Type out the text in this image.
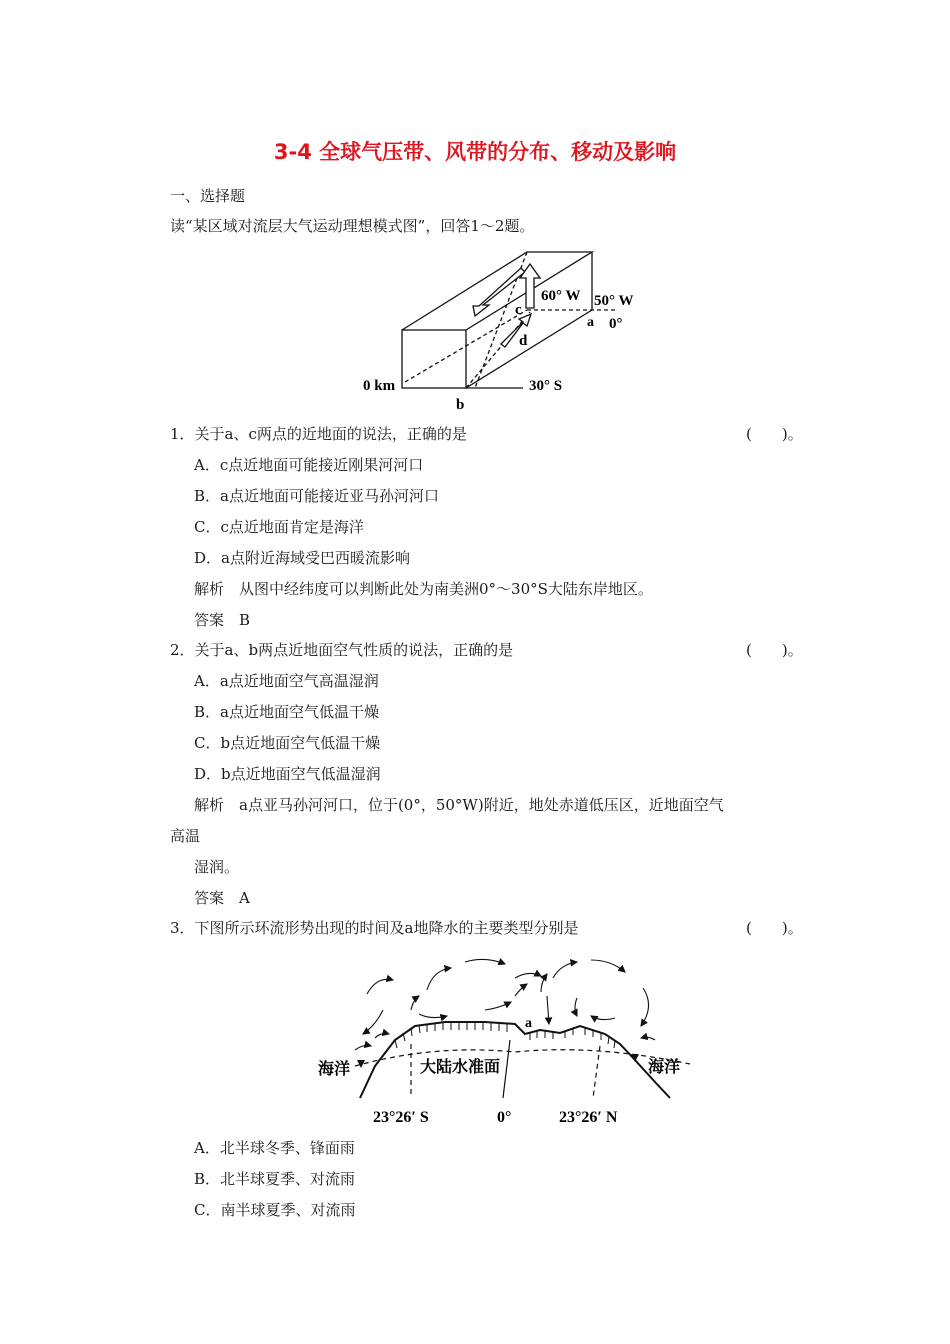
3-4 全球气压带、风带的分布、移动及影响
一、选择题
读“某区域对流层大气运动理想模式图”，回答1～2题。
60° W 50° W
0°
a
c
d
30° S
0 km
b
1．关于a、c两点的近地面的说法，正确的是	(　　)。
A．c点近地面可能接近刚果河河口
B．a点近地面可能接近亚马孙河河口
C．c点近地面肯定是海洋
D．a点附近海域受巴西暖流影响
解析　从图中经纬度可以判断此处为南美洲0°～30°S大陆东岸地区。
答案　B
2．关于a、b两点近地面空气性质的说法，正确的是	(　　)。
A．a点近地面空气高温湿润
B．a点近地面空气低温干燥
C．b点近地面空气低温干燥
D．b点近地面空气低温湿润
解析　a点亚马孙河河口，位于(0°，50°W)附近，地处赤道低压区，近地面空气
高温
湿润。
答案　A
3．下图所示环流形势出现的时间及a地降水的主要类型分别是	(　　)。
a
大陆水准面
海洋	海洋
23°26′ S	0°	23°26′ N
A．北半球冬季、锋面雨
B．北半球夏季、对流雨
C．南半球夏季、对流雨
